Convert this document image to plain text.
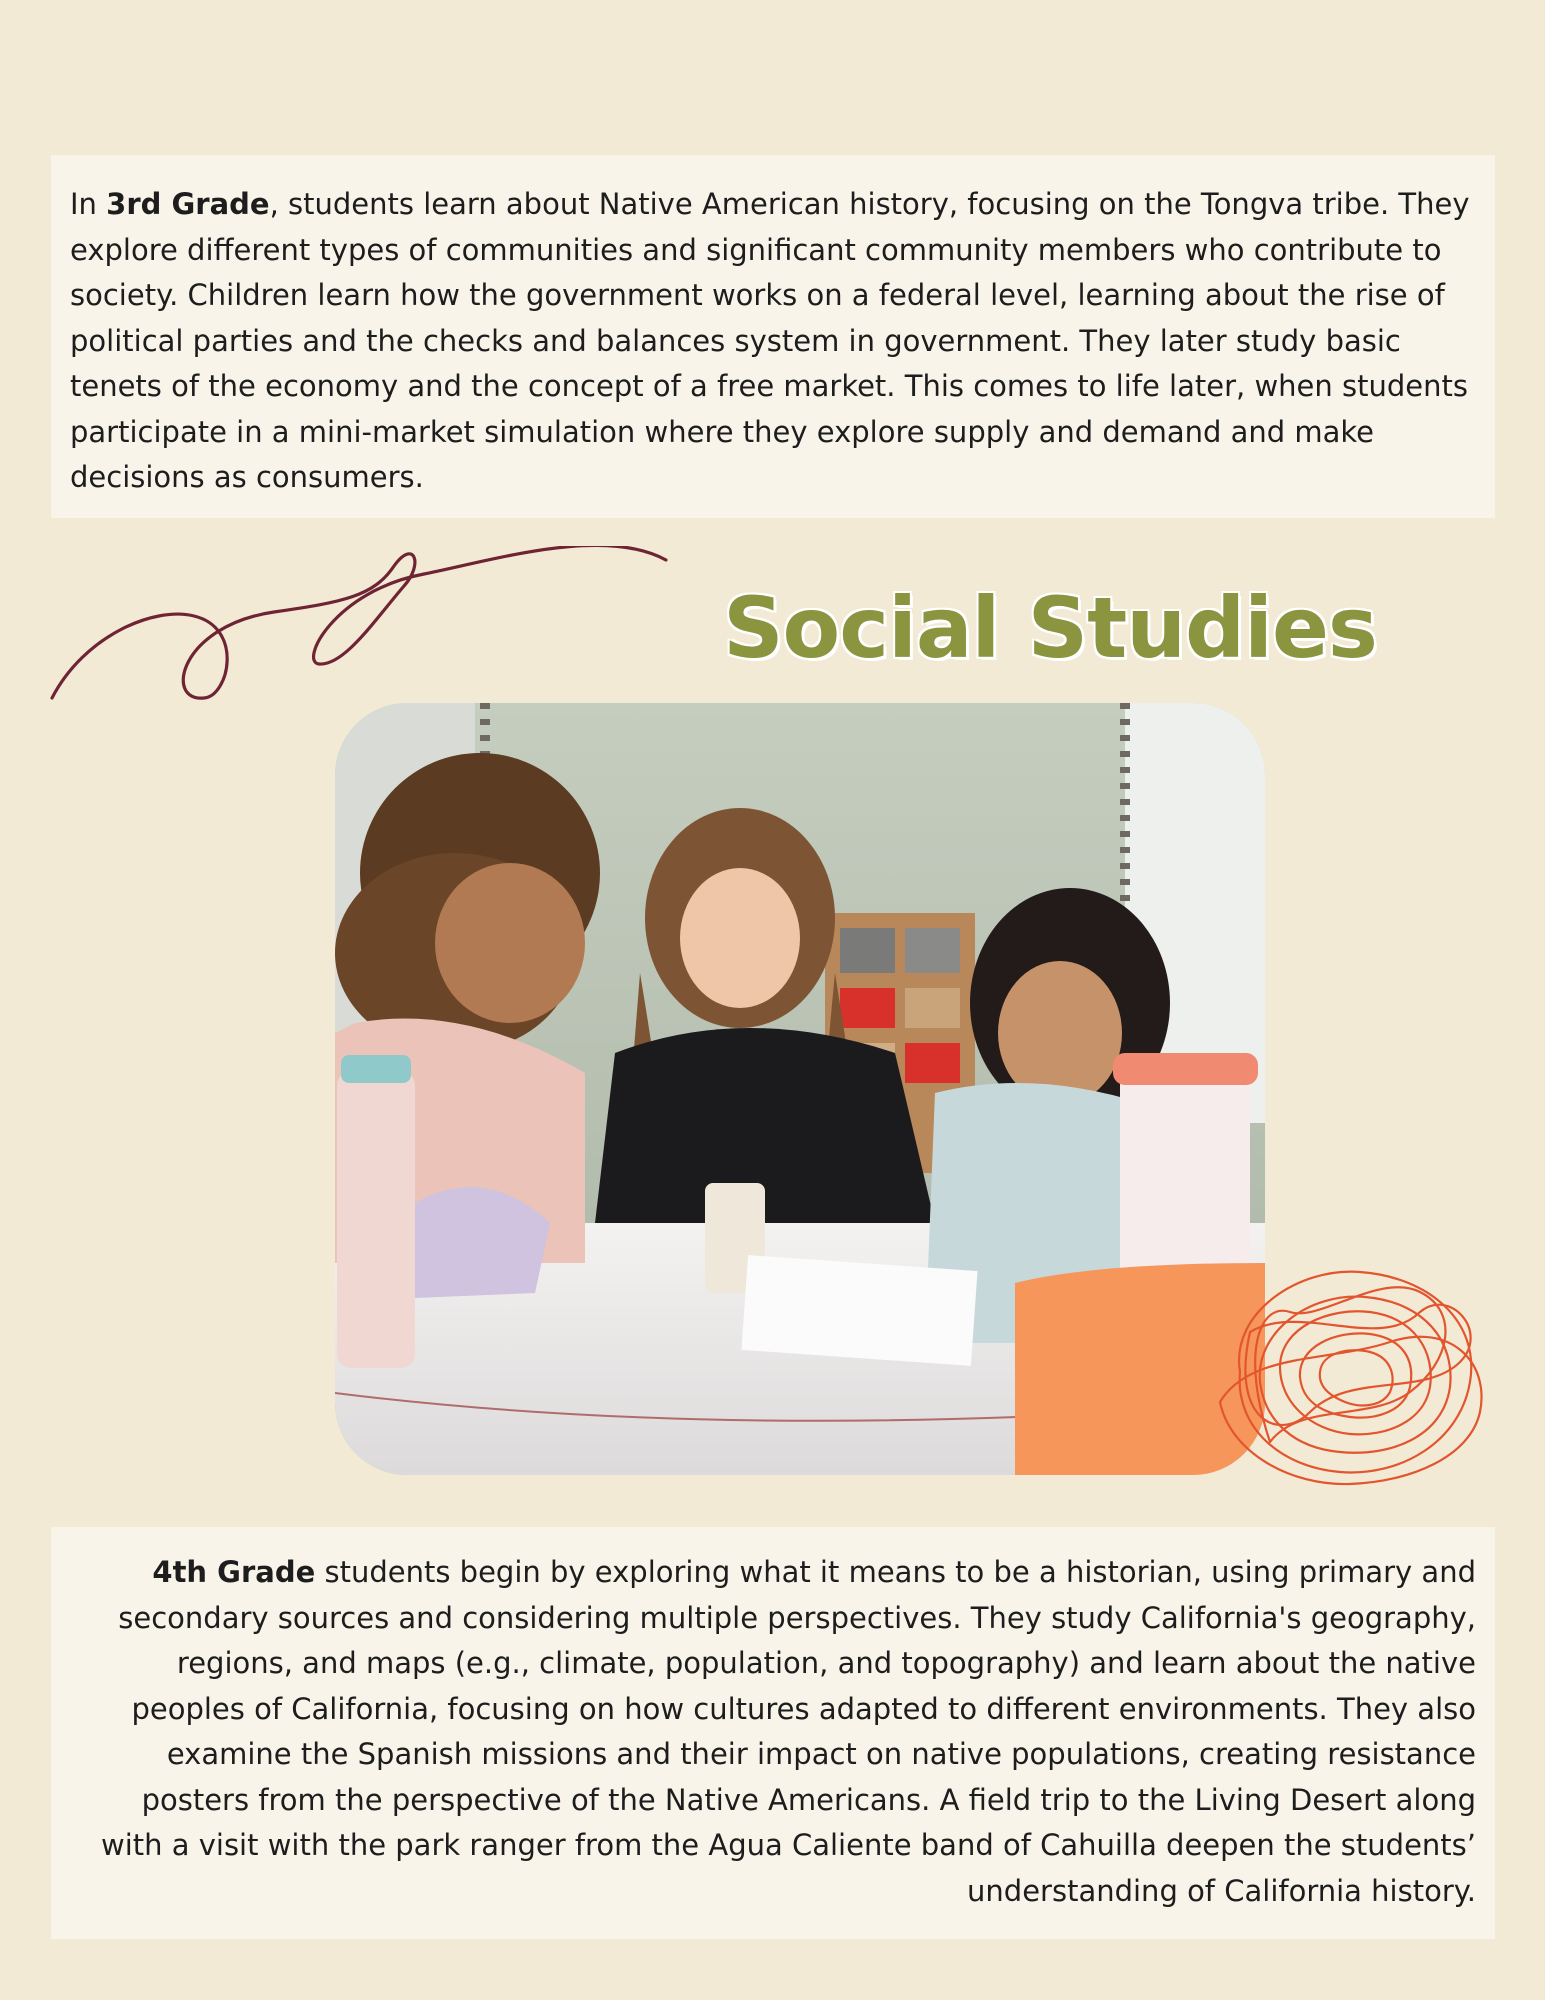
In 3rd Grade, students learn about Native American history, focusing on the Tongva tribe. They explore different types of communities and significant community members who contribute to society. Children learn how the government works on a federal level, learning about the rise of political parties and the checks and balances system in government. They later study basic tenets of the economy and the concept of a free market. This comes to life later, when students participate in a mini-market simulation where they explore supply and demand and make decisions as consumers.
Social Studies
4th Grade students begin by exploring what it means to be a historian, using primary and secondary sources and considering multiple perspectives. They study California's geography, regions, and maps (e.g., climate, population, and topography) and learn about the native peoples of California, focusing on how cultures adapted to different environments. They also examine the Spanish missions and their impact on native populations, creating resistance posters from the perspective of the Native Americans. A field trip to the Living Desert along with a visit with the park ranger from the Agua Caliente band of Cahuilla deepen the students’ understanding of California history.
